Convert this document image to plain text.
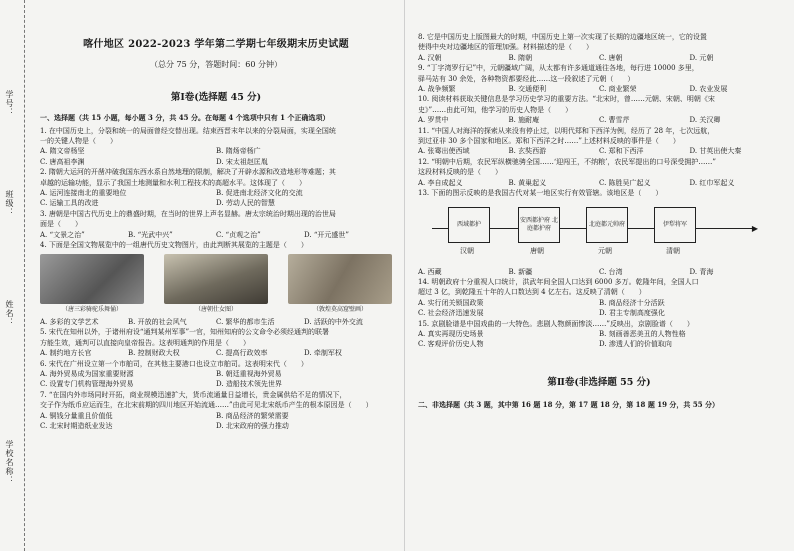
学号：
班级：
姓名：
学校名称：
喀什地区 2022-2023 学年第二学期七年级期末历史试题
（总分 75 分，答题时间：60 分钟）
第Ⅰ卷(选择题 45 分)
一、选择题（共 15 小题，每小题 3 分，共 45 分。在每题 4 个选项中只有 1 个正确选项）

1. 在中国历史上，分裂和统一的局面曾经交替出现。结束西晋末年以来的分裂局面，实现全国统

一的关键人物是（　　）

A. 隋文帝杨坚	B. 隋炀帝杨广
C. 唐高祖李渊	D. 宋太祖赵匡胤

2. 隋朝大运河的开凿冲破我国东西水系自然地理的限制，解决了开辟水源和改造地形等难题；其

卓越的运输功能，显示了我国土地测量和水利工程技术的高超水平。这体现了（　　）

A. 运河连接南北的重要地位	B. 促进南北经济文化的交流
C. 运输工具的改进	D. 劳动人民的智慧

3. 唐朝是中国古代历史上的鼎盛时期，在当时的世界上声名显赫。唐太宗统治时期出现的治世局

面是（　　）

A. “文景之治”	B. “光武中兴”	C. “贞观之治”	D. “开元盛世”

4. 下面是全国文物展览中的一组唐代历史文物图片，由此判断其展览的主题是（　　）

（唐三彩骑驼乐舞俑）	（唐朝仕女图）	（敦煌莫高窟壁画）
A. 多彩的文学艺术	B. 开放的社会风气	C. 繁华的都市生活	D. 活跃的中外交流

5. 宋代在知州以外，于诸州府设“通判某州军事”一官，知州知府的公文命令必须经通判的联署

方能生效，通判可以直接向皇帝报告。这表明通判的作用是（　　）

A. 制约地方长官	B. 控制财政大权	C. 提高行政效率	D. 牵制军权

6. 宋代在广州设立第一个市舶司，在其他主要港口也设立市舶司。这表明宋代（　　）

A. 海外贸易成为国家重要财源	B. 朝廷重视海外贸易
C. 设置专门机构管理海外贸易	D. 造船技术领先世界

7. “在国内外市场同时开拓，商业规模迅速扩大，货币流通量日益增长，贵金属供给不足的情况下，

交子作为纸币应运而生，在北宋前期的四川地区开始流通……”由此可见北宋纸币产生的根本原因是（　　）

A. 铜钱分量重且价值低	B. 商品经济的繁荣需要
C. 北宋时期造纸业发达	D. 北宋政府的强力推动

8. 它是中国历史上版图最大的时期，中国历史上第一次实现了长期的边疆地区统一，它的设置

使得中央对边疆地区的管理加强。材料描述的是（　　）

A. 汉朝	B. 隋朝	C. 唐朝	D. 元朝

9. “丁字湾罗行记”中，元朝疆域广阔，从太都有许多通道通往各地，每行进 10000 多里，

驿马站有 30 余处，各种物资都要经此……这一段叙述了元朝（　　）

A. 战争频繁	B. 交通便利	C. 商业繁荣	D. 农业发展

10. 阅读材料获取关键信息是学习历史学习的重要方法。“北宋时，曾……元朝、宋朝、明朝《宋

史》”……由此可知，他学习的历史人物是（　　）

A. 罗贯中	B. 施耐庵	C. 曹雪芹	D. 关汉卿

11. “中国人对海洋的探索从来没有停止过，以明代郑和下西洋为例，经历了 28 年，七次远航，

到过亚非 30 多个国家和地区。郑和下西洋之时……”上述材料反映的事件是（　　）

A. 张骞出使西域	B. 玄奘西游	C. 郑和下西洋	D. 甘英出使大秦

12. “明朝中后期，农民军纵横驰骋全国……‘迎闯王，不纳粮’，农民军提出的口号深受拥护……”

这段材料反映的是（　　）

A. 李自成起义	B. 黄巢起义	C. 陈胜吴广起义	D. 红巾军起义

13. 下面的图示反映的是我国古代对某一地区实行有效管辖。该地区是（　　）

▶
西域都护
安西都护府 北庭都护府
北庭都元帅府	伊犁将军
汉朝	唐朝	元朝	清朝
A. 西藏	B. 新疆	C. 台湾	D. 青海

14. 明朝政府十分重视人口统计，洪武年间全国人口达到 6000 多万。乾隆年间，全国人口

超过 3 亿，到乾隆五十年的人口数达到 4 亿左右。这反映了清朝（　　）

A. 实行闭关锁国政策	B. 商品经济十分活跃
C. 社会经济迅速发展	D. 君主专制高度强化

15. 京剧脸谱是中国戏曲的一大特色。悲剧人物颜面惨淡……”反映出，京剧脸谱（　　）

A. 真实再现历史场景	B. 刻画善恶美丑的人物性格
C. 客观评价历史人物	D. 渗透人们的价值取向
第Ⅱ卷(非选择题 55 分)
二、非选择题（共 3 题，其中第 16 题 18 分，第 17 题 18 分，第 18 题 19 分，共 55 分）
